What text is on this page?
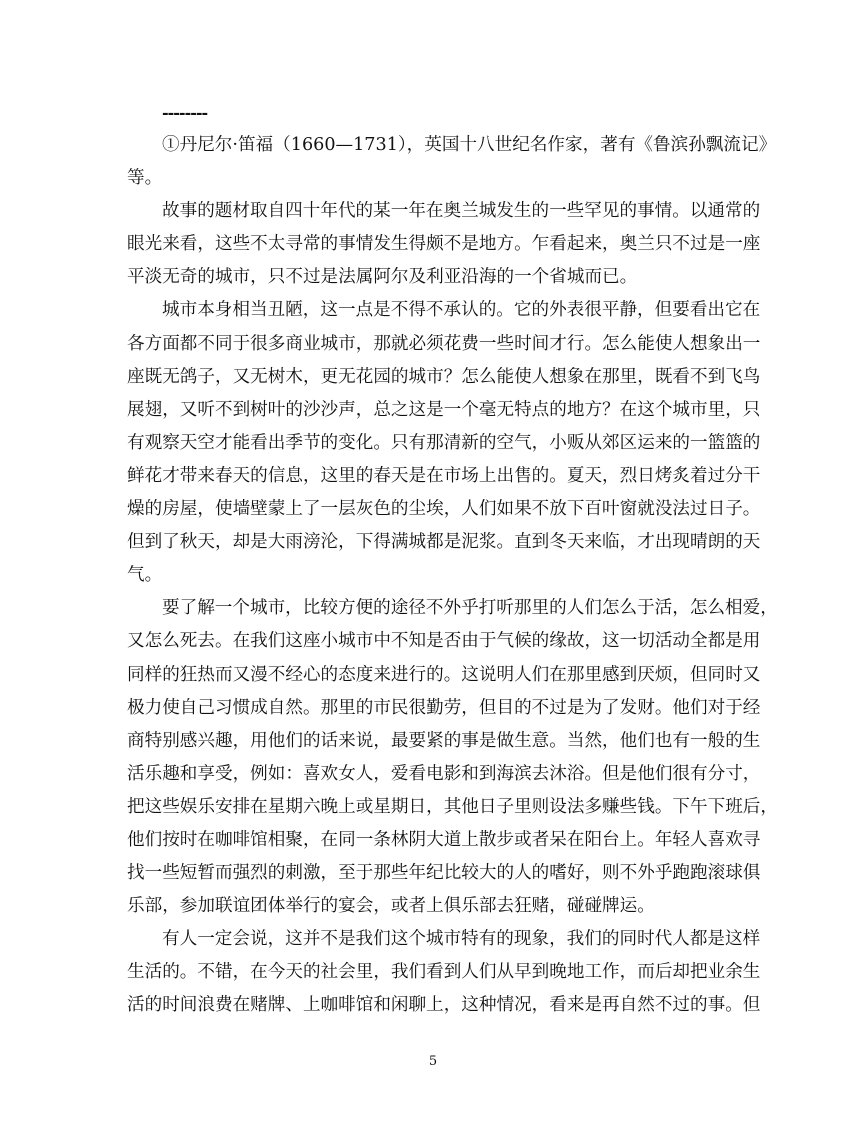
--------
①丹尼尔·笛福（1660—1731），英国十八世纪名作家，著有《鲁滨孙飘流记》
等。
故事的题材取自四十年代的某一年在奥兰城发生的一些罕见的事情。以通常的
眼光来看，这些不太寻常的事情发生得颇不是地方。乍看起来，奥兰只不过是一座
平淡无奇的城市，只不过是法属阿尔及利亚沿海的一个省城而已。
城市本身相当丑陋，这一点是不得不承认的。它的外表很平静，但要看出它在
各方面都不同于很多商业城市，那就必须花费一些时间才行。怎么能使人想象出一
座既无鸽子，又无树木，更无花园的城市？怎么能使人想象在那里，既看不到飞鸟
展翅，又听不到树叶的沙沙声，总之这是一个毫无特点的地方？在这个城市里，只
有观察天空才能看出季节的变化。只有那清新的空气，小贩从郊区运来的一篮篮的
鲜花才带来春天的信息，这里的春天是在市场上出售的。夏天，烈日烤炙着过分干
燥的房屋，使墙壁蒙上了一层灰色的尘埃，人们如果不放下百叶窗就没法过日子。
但到了秋天，却是大雨滂沦，下得满城都是泥浆。直到冬天来临，才出现晴朗的天
气。
要了解一个城市，比较方便的途径不外乎打听那里的人们怎么于活，怎么相爱，
又怎么死去。在我们这座小城市中不知是否由于气候的缘故，这一切活动全都是用
同样的狂热而又漫不经心的态度来进行的。这说明人们在那里感到厌烦，但同时又
极力使自己习惯成自然。那里的市民很勤劳，但目的不过是为了发财。他们对于经
商特别感兴趣，用他们的话来说，最要紧的事是做生意。当然，他们也有一般的生
活乐趣和享受，例如：喜欢女人，爱看电影和到海滨去沐浴。但是他们很有分寸，
把这些娱乐安排在星期六晚上或星期日，其他日子里则设法多赚些钱。下午下班后，
他们按时在咖啡馆相聚，在同一条林阴大道上散步或者呆在阳台上。年轻人喜欢寻
找一些短暂而强烈的刺激，至于那些年纪比较大的人的嗜好，则不外乎跑跑滚球俱
乐部，参加联谊团体举行的宴会，或者上俱乐部去狂赌，碰碰牌运。
有人一定会说，这并不是我们这个城市特有的现象，我们的同时代人都是这样
生活的。不错，在今天的社会里，我们看到人们从早到晚地工作，而后却把业余生
活的时间浪费在赌牌、上咖啡馆和闲聊上，这种情况，看来是再自然不过的事。但
5
